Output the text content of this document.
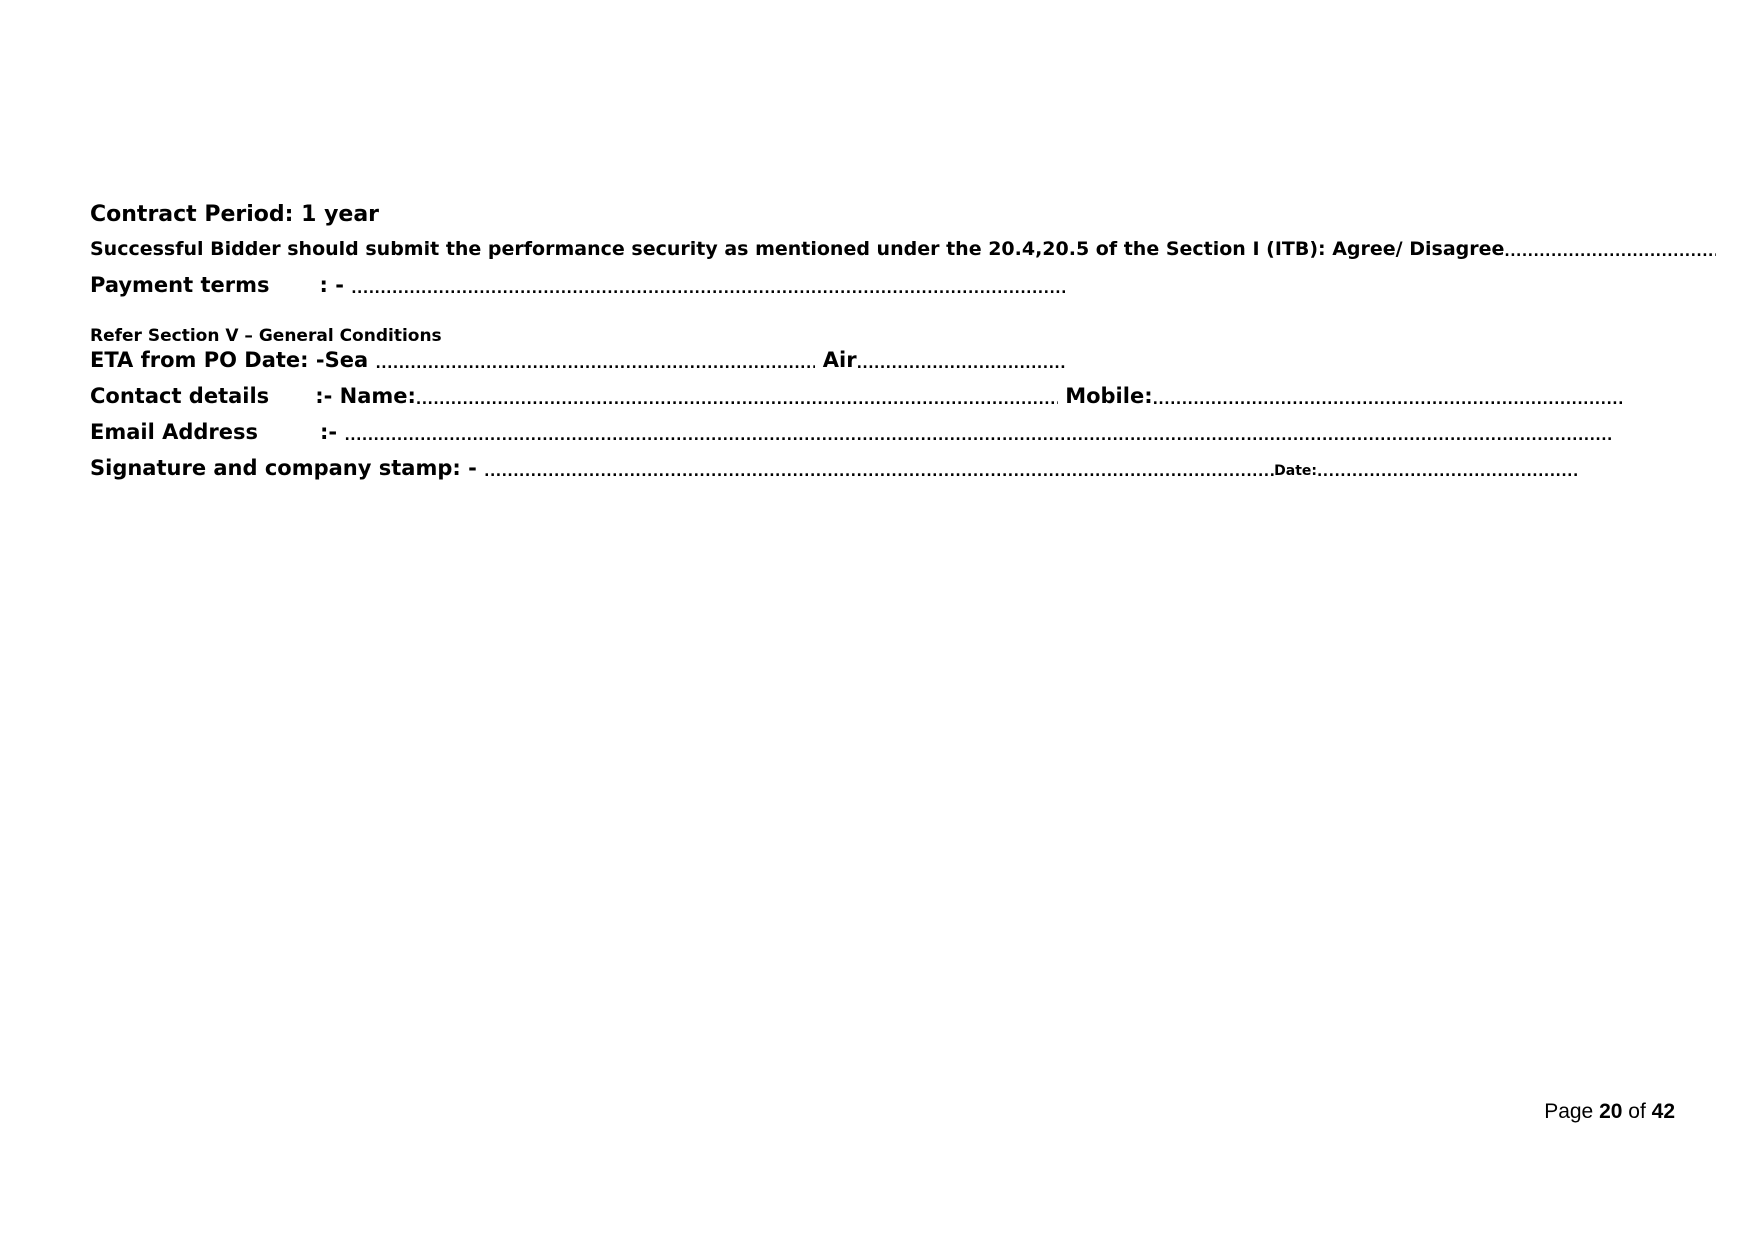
Contract Period: 1 year
Successful Bidder should submit the performance security as mentioned under the 20.4,20.5 of the Section I (ITB): Agree/ Disagree.....
Payment terms : - .....
Refer Section V – General Conditions
ETA from PO Date: -Sea .....	Air.....
Contact details :- Name: .....	Mobile:.....
Email Address	:- .....
Signature and company stamp: - .....	Date:.....
Page 20 of 42
